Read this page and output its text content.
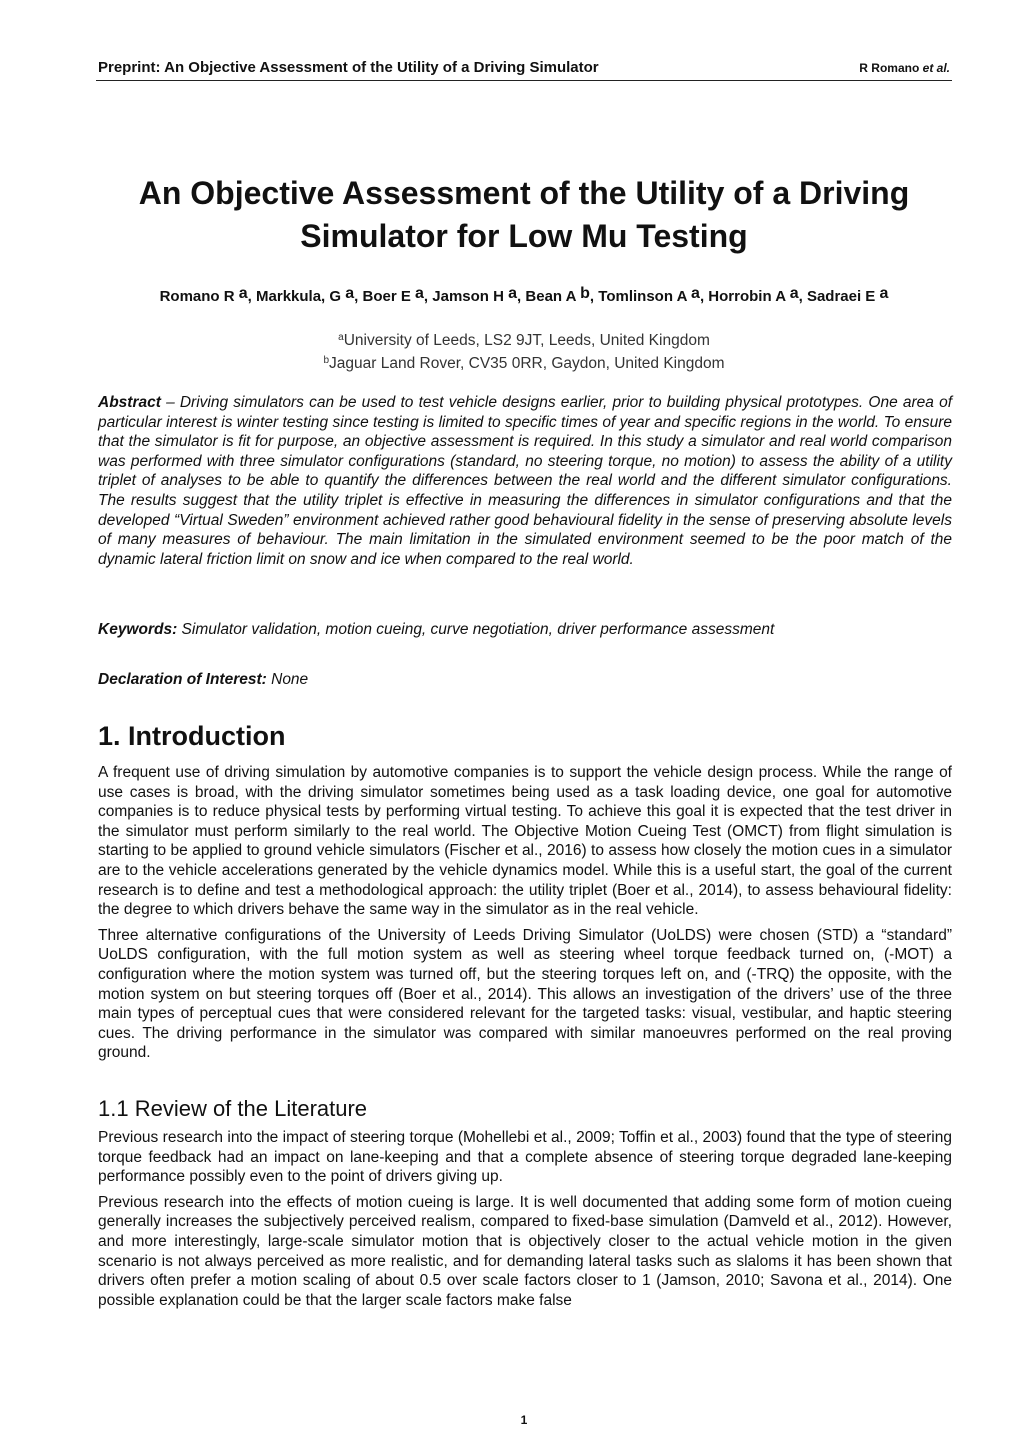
Preprint: An Objective Assessment of the Utility of a Driving Simulator	R Romano et al.
An Objective Assessment of the Utility of a Driving
Simulator for Low Mu Testing
Romano R $^a$, Markkula, G $^a$, Boer E $^a$, Jamson H $^a$, Bean A $^b$, Tomlinson A $^a$, Horrobin A $^a$, Sadraei E $^a$
$^a$University of Leeds, LS2 9JT, Leeds, United Kingdom
$^b$Jaguar Land Rover, CV35 0RR, Gaydon, United Kingdom
Abstract – Driving simulators can be used to test vehicle designs earlier, prior to building physical prototypes. One area of particular interest is winter testing since testing is limited to specific times of year and specific regions in the world. To ensure that the simulator is fit for purpose, an objective assessment is required. In this study a simulator and real world comparison was performed with three simulator configurations (standard, no steering torque, no motion) to assess the ability of a utility triplet of analyses to be able to quantify the differences between the real world and the different simulator configurations. The results suggest that the utility triplet is effective in measuring the differences in simulator configurations and that the developed “Virtual Sweden” environment achieved rather good behavioural fidelity in the sense of preserving absolute levels of many measures of behaviour. The main limitation in the simulated environment seemed to be the poor match of the dynamic lateral friction limit on snow and ice when compared to the real world.
Keywords: Simulator validation, motion cueing, curve negotiation, driver performance assessment
Declaration of Interest: None
1. Introduction

A frequent use of driving simulation by automotive companies is to support the vehicle design process. While the range of use cases is broad, with the driving simulator sometimes being used as a task loading device, one goal for automotive companies is to reduce physical tests by performing virtual testing. To achieve this goal it is expected that the test driver in the simulator must perform similarly to the real world. The Objective Motion Cueing Test (OMCT) from flight simulation is starting to be applied to ground vehicle simulators (Fischer et al., 2016) to assess how closely the motion cues in a simulator are to the vehicle accelerations generated by the vehicle dynamics model. While this is a useful start, the goal of the current research is to define and test a methodological approach: the utility triplet (Boer et al., 2014), to assess behavioural fidelity: the degree to which drivers behave the same way in the simulator as in the real vehicle.

Three alternative configurations of the University of Leeds Driving Simulator (UoLDS) were chosen (STD) a “standard” UoLDS configuration, with the full motion system as well as steering wheel torque feedback turned on, (-MOT) a configuration where the motion system was turned off, but the steering torques left on, and (-TRQ) the opposite, with the motion system on but steering torques off (Boer et al., 2014). This allows an investigation of the drivers’ use of the three main types of perceptual cues that were considered relevant for the targeted tasks: visual, vestibular, and haptic steering cues. The driving performance in the simulator was compared with similar manoeuvres performed on the real proving ground.

1.1 Review of the Literature

Previous research into the impact of steering torque (Mohellebi et al., 2009; Toffin et al., 2003) found that the type of steering torque feedback had an impact on lane-keeping and that a complete absence of steering torque degraded lane-keeping performance possibly even to the point of drivers giving up.

Previous research into the effects of motion cueing is large. It is well documented that adding some form of motion cueing generally increases the subjectively perceived realism, compared to fixed-base simulation (Damveld et al., 2012). However, and more interestingly, large-scale simulator motion that is objectively closer to the actual vehicle motion in the given scenario is not always perceived as more realistic, and for demanding lateral tasks such as slaloms it has been shown that drivers often prefer a motion scaling of about 0.5 over scale factors closer to 1 (Jamson, 2010; Savona et al., 2014). One possible explanation could be that the larger scale factors make false

1
